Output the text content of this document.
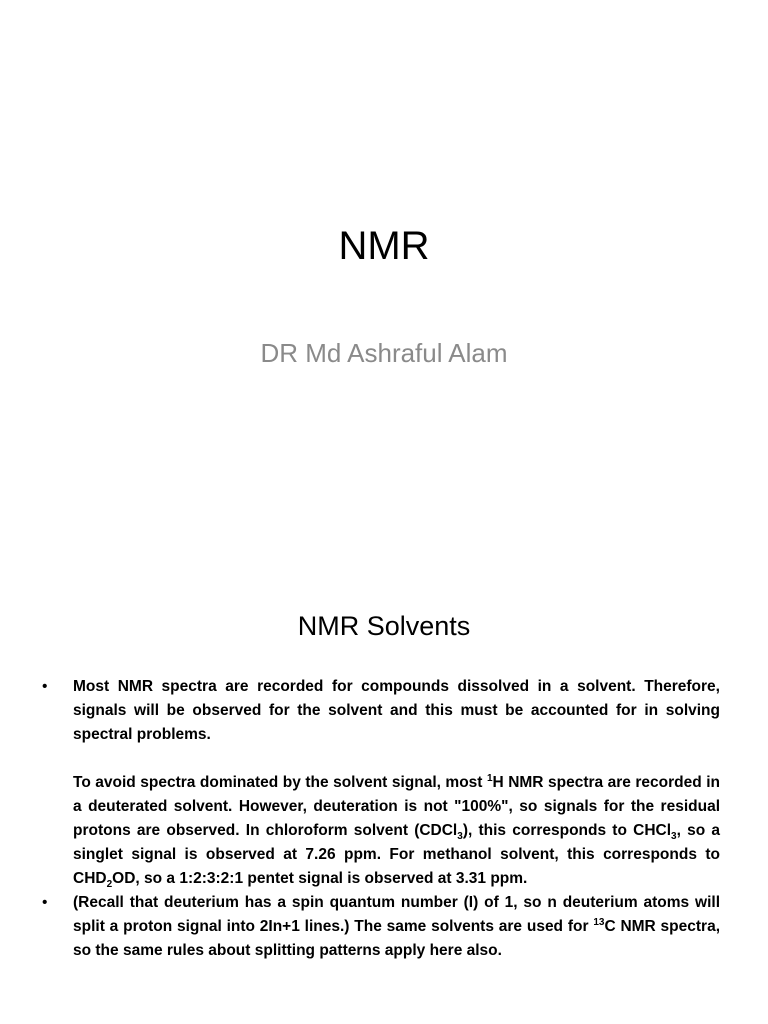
NMR
DR Md Ashraful Alam
NMR Solvents
• Most NMR spectra are recorded for compounds dissolved in a solvent. Therefore, signals will be observed for the solvent and this must be accounted for in solving spectral problems.

To avoid spectra dominated by the solvent signal, most $^1$H NMR spectra are recorded in a deuterated solvent. However, deuteration is not "100%", so signals for the residual protons are observed. In chloroform solvent (CDCl$_3$), this corresponds to CHCl$_3$, so a singlet signal is observed at 7.26 ppm. For methanol solvent, this corresponds to $CHD_2OD$, so a 1:2:3:2:1 pentet signal is observed at 3.31 ppm.

• (Recall that deuterium has a spin quantum number (I) of 1, so n deuterium atoms will split a proton signal into 2In+1 lines.) The same solvents are used for $^{13}$C NMR spectra, so the same rules about splitting patterns apply here also.
